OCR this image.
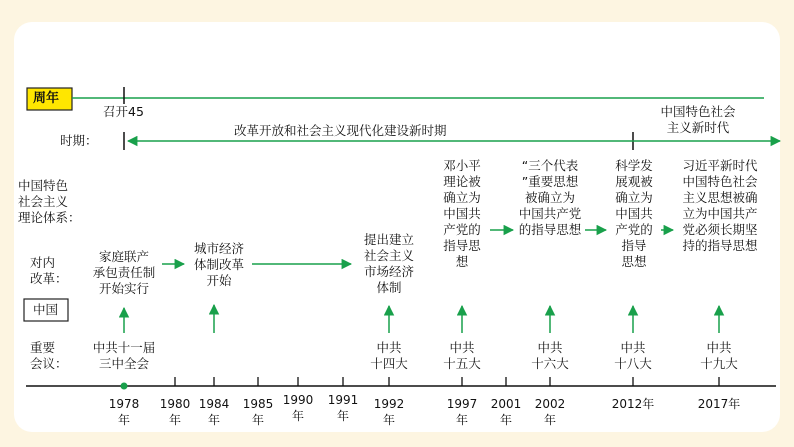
周年
召开45
时期：
改革开放和社会主义现代化建设新时期
中国特色社会
主义新时代
中国特色
社会主义
理论体系：
对内
改革：
中国
重要
会议：
邓小平
理论被
确立为
中国共
产党的
指导思
想
“三个代表
”重要思想
被确立为
中国共产党
的指导思想
科学发
展观被
确立为
中国共
产党的
指导
思想
习近平新时代
中国特色社会
主义思想被确
立为中国共产
党必须长期坚
持的指导思想
家庭联产
承包责任制
开始实行
城市经济
体制改革
开始
提出建立
社会主义
市场经济
体制
中共十一届
三中全会
中共
十四大
中共
十五大
中共
十六大
中共
十八大
中共
十九大
1978
年
1980
年
1984
年
1985
年
1990
年
1991
年
1992
年
1997
年
2001
年
2002
年
2012年	2017年
